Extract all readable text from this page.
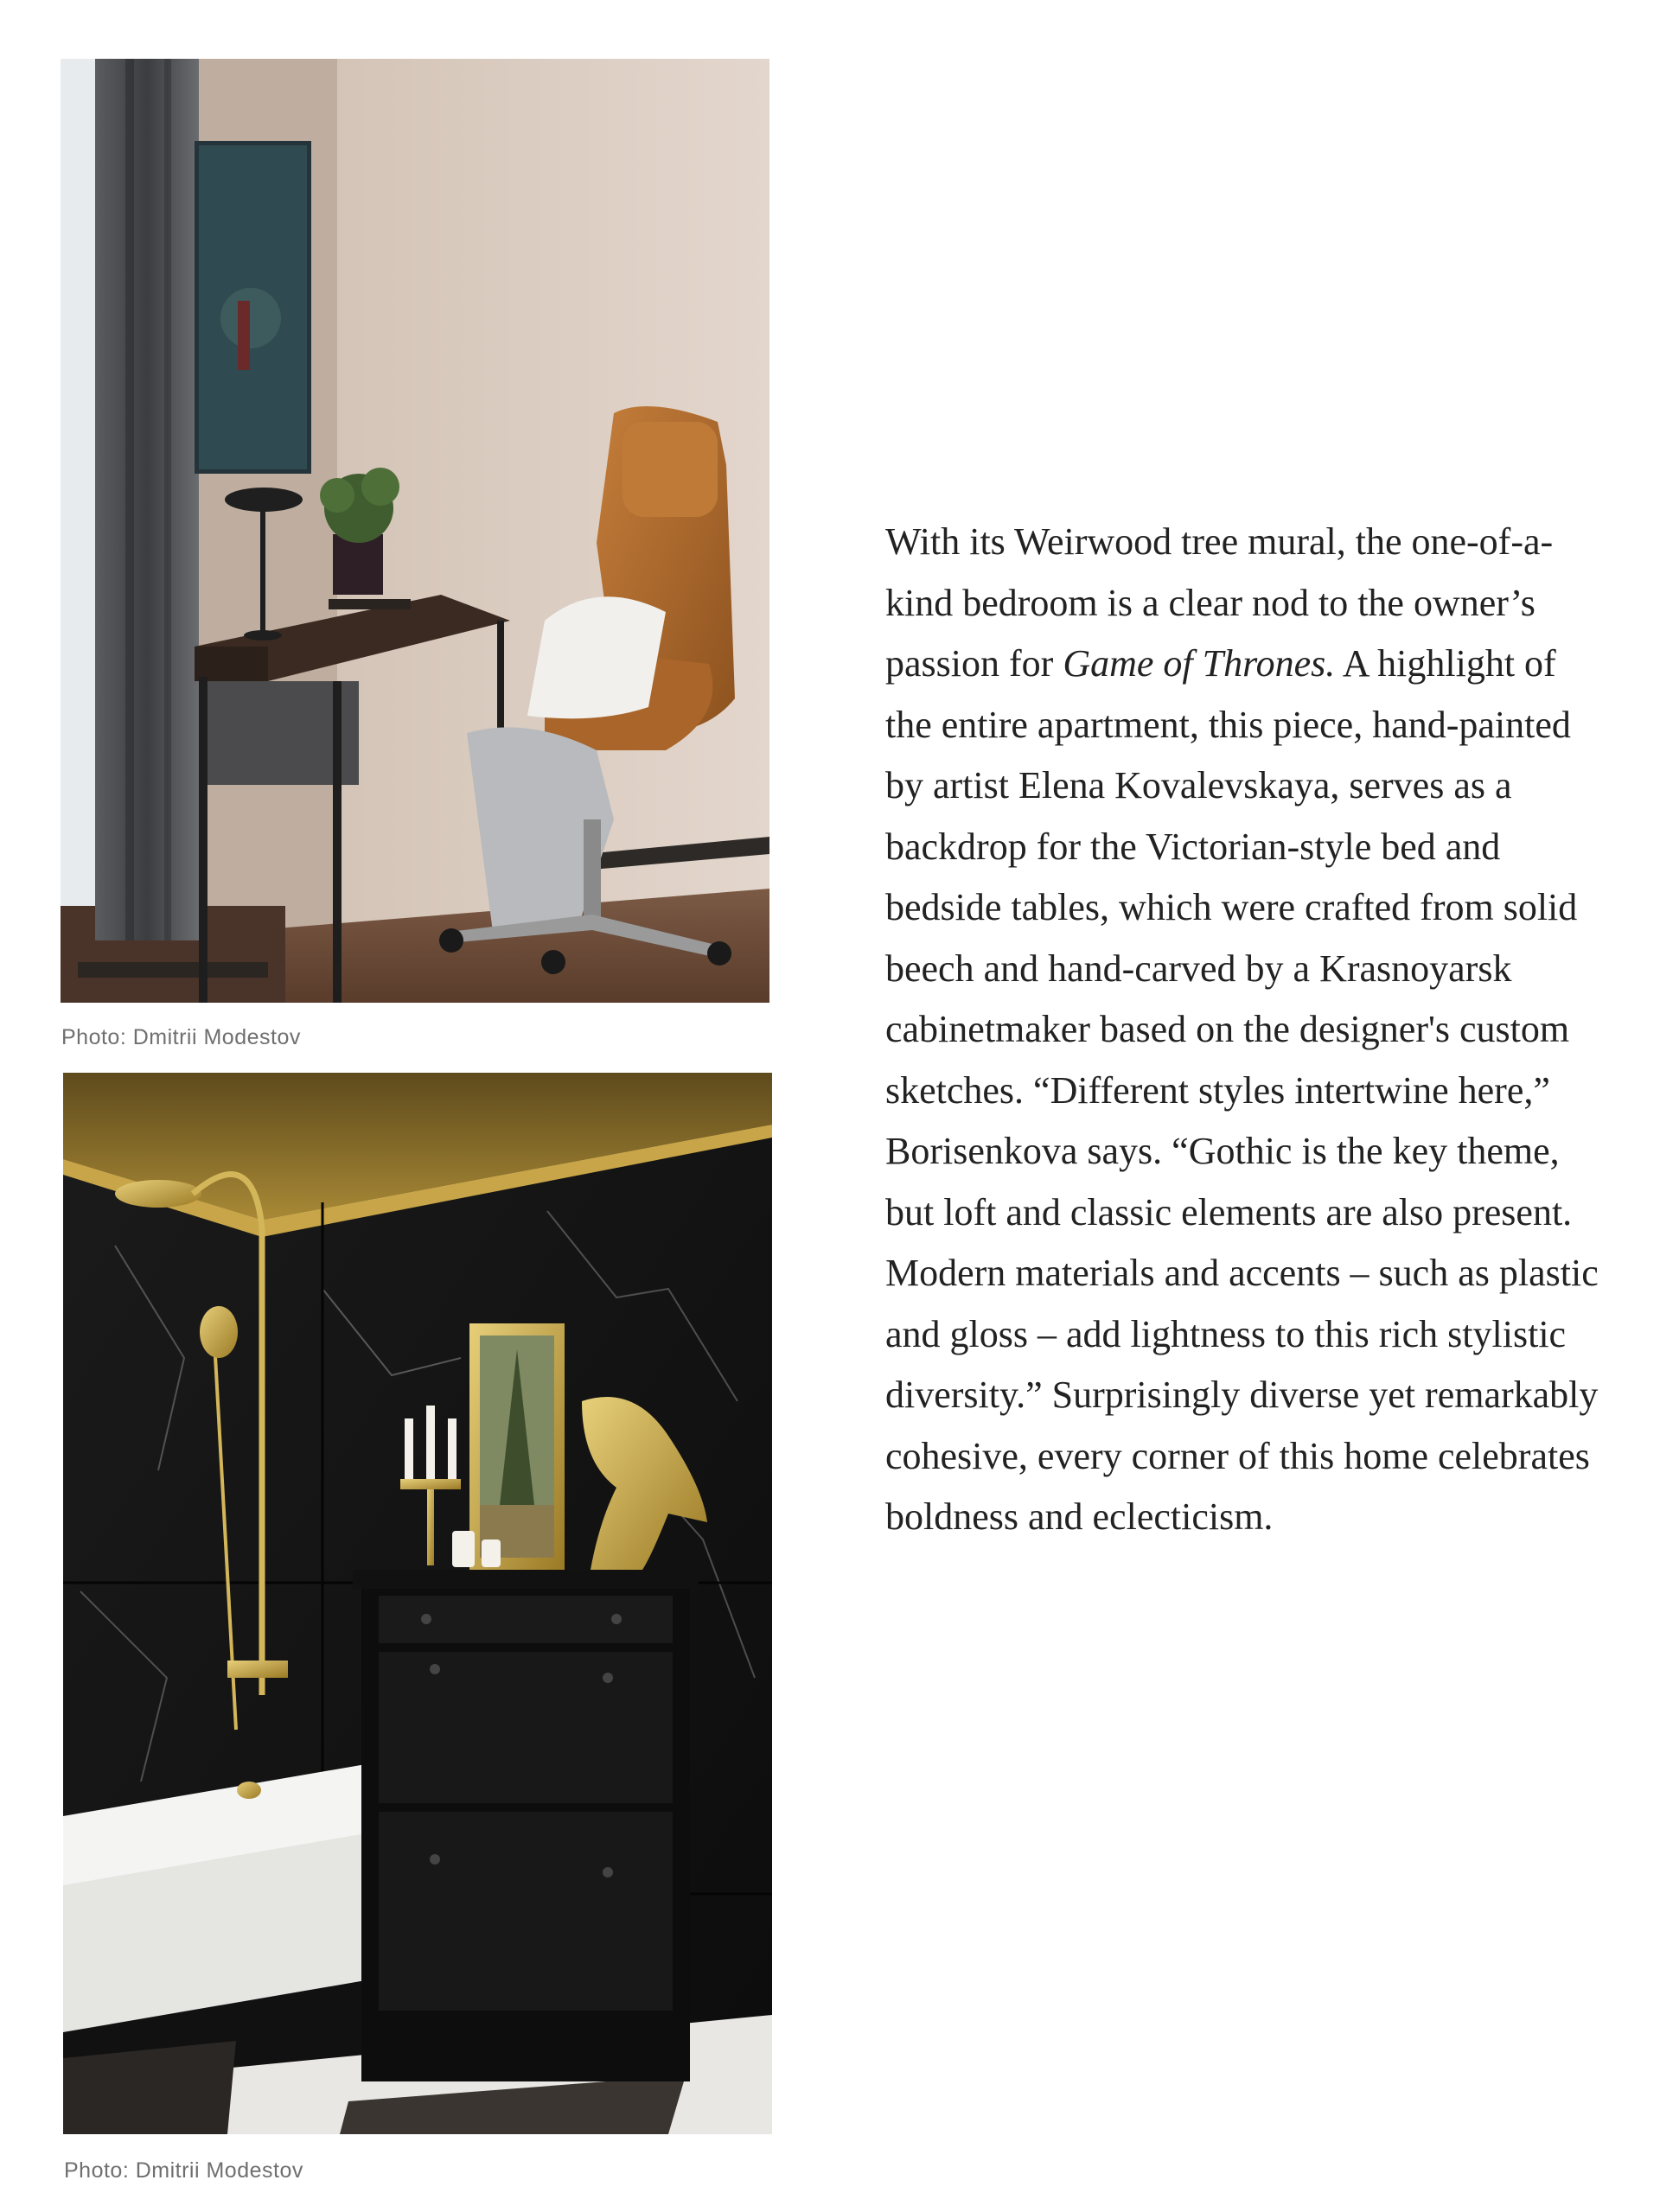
Photo: Dmitrii Modestov

Photo: Dmitrii Modestov

With its Weirwood tree mural, the one-of-a-kind bedroom is a clear nod to the owner’s passion for Game of Thrones. A highlight of the entire apartment, this piece, hand-painted by artist Elena Kovalevskaya, serves as a backdrop for the Victorian-style bed and bedside tables, which were crafted from solid beech and hand-carved by a Krasnoyarsk cabinetmaker based on the designer's custom sketches. “Different styles intertwine here,” Borisenkova says. “Gothic is the key theme, but loft and classic elements are also present. Modern materials and accents – such as plastic and gloss – add lightness to this rich stylistic diversity.” Surprisingly diverse yet remarkably cohesive, every corner of this home celebrates boldness and eclecticism.
